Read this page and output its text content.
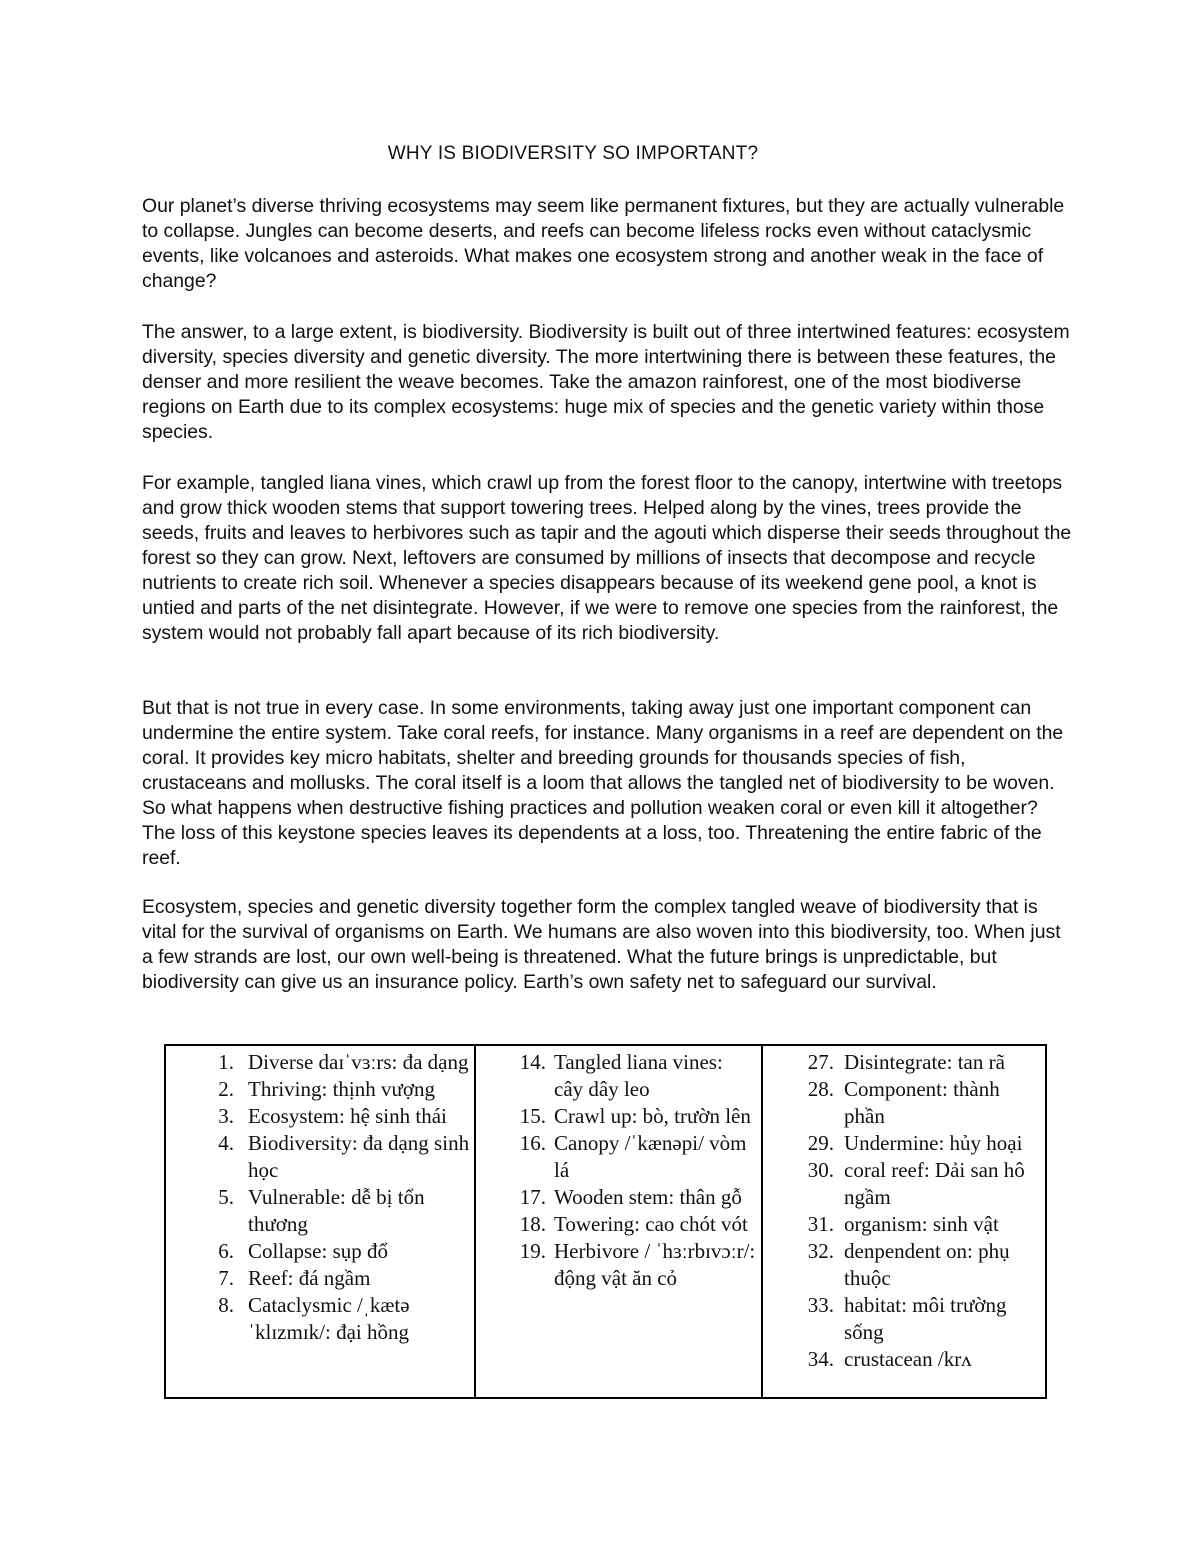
WHY IS BIODIVERSITY SO IMPORTANT?

Our planet’s diverse thriving ecosystems may seem like permanent fixtures, but they are actually vulnerable to collapse. Jungles can become deserts, and reefs can become lifeless rocks even without cataclysmic events, like volcanoes and asteroids. What makes one ecosystem strong and another weak in the face of change?

The answer, to a large extent, is biodiversity. Biodiversity is built out of three intertwined features: ecosystem diversity, species diversity and genetic diversity. The more intertwining there is between these features, the denser and more resilient the weave becomes. Take the amazon rainforest, one of the most biodiverse regions on Earth due to its complex ecosystems: huge mix of species and the genetic variety within those species.

For example, tangled liana vines, which crawl up from the forest floor to the canopy, intertwine with treetops and grow thick wooden stems that support towering trees. Helped along by the vines, trees provide the seeds, fruits and leaves to herbivores such as tapir and the agouti which disperse their seeds throughout the forest so they can grow. Next, leftovers are consumed by millions of insects that decompose and recycle nutrients to create rich soil. Whenever a species disappears because of its weekend gene pool, a knot is untied and parts of the net disintegrate. However, if we were to remove one species from the rainforest, the system would not probably fall apart because of its rich biodiversity.

But that is not true in every case. In some environments, taking away just one important component can undermine the entire system. Take coral reefs, for instance. Many organisms in a reef are dependent on the coral. It provides key micro habitats, shelter and breeding grounds for thousands species of fish, crustaceans and mollusks. The coral itself is a loom that allows the tangled net of biodiversity to be woven. So what happens when destructive fishing practices and pollution weaken coral or even kill it altogether? The loss of this keystone species leaves its dependents at a loss, too. Threatening the entire fabric of the reef.

Ecosystem, species and genetic diversity together form the complex tangled weave of biodiversity that is vital for the survival of organisms on Earth. We humans are also woven into this biodiversity, too. When just a few strands are lost, our own well-being is threatened. What the future brings is unpredictable, but biodiversity can give us an insurance policy. Earth’s own safety net to safeguard our survival.

1. Diverse daɪˈvɜːrs: đa dạng
2. Thriving: thịnh vượng
3. Ecosystem: hệ sinh thái
4. Biodiversity: đa dạng sinh học
5. Vulnerable: dễ bị tổn thương
6. Collapse: sụp đổ
7. Reef: đá ngầm
8. Cataclysmic /ˌkætə ˈklɪzmɪk/: đại hồng
14. Tangled liana vines: cây dây leo
15. Crawl up: bò, trườn lên
16. Canopy /ˈkænəpi/ vòm lá
17. Wooden stem: thân gỗ
18. Towering: cao chót vót
19. Herbivore / ˈhɜːrbɪvɔːr/: động vật ăn cỏ
27. Disintegrate: tan rã
28. Component: thành phần
29. Undermine: hủy hoại
30. coral reef: Dải san hô ngầm
31. organism: sinh vật
32. denpendent on: phụ thuộc
33. habitat: môi trường sống
34. crustacean /krʌ
